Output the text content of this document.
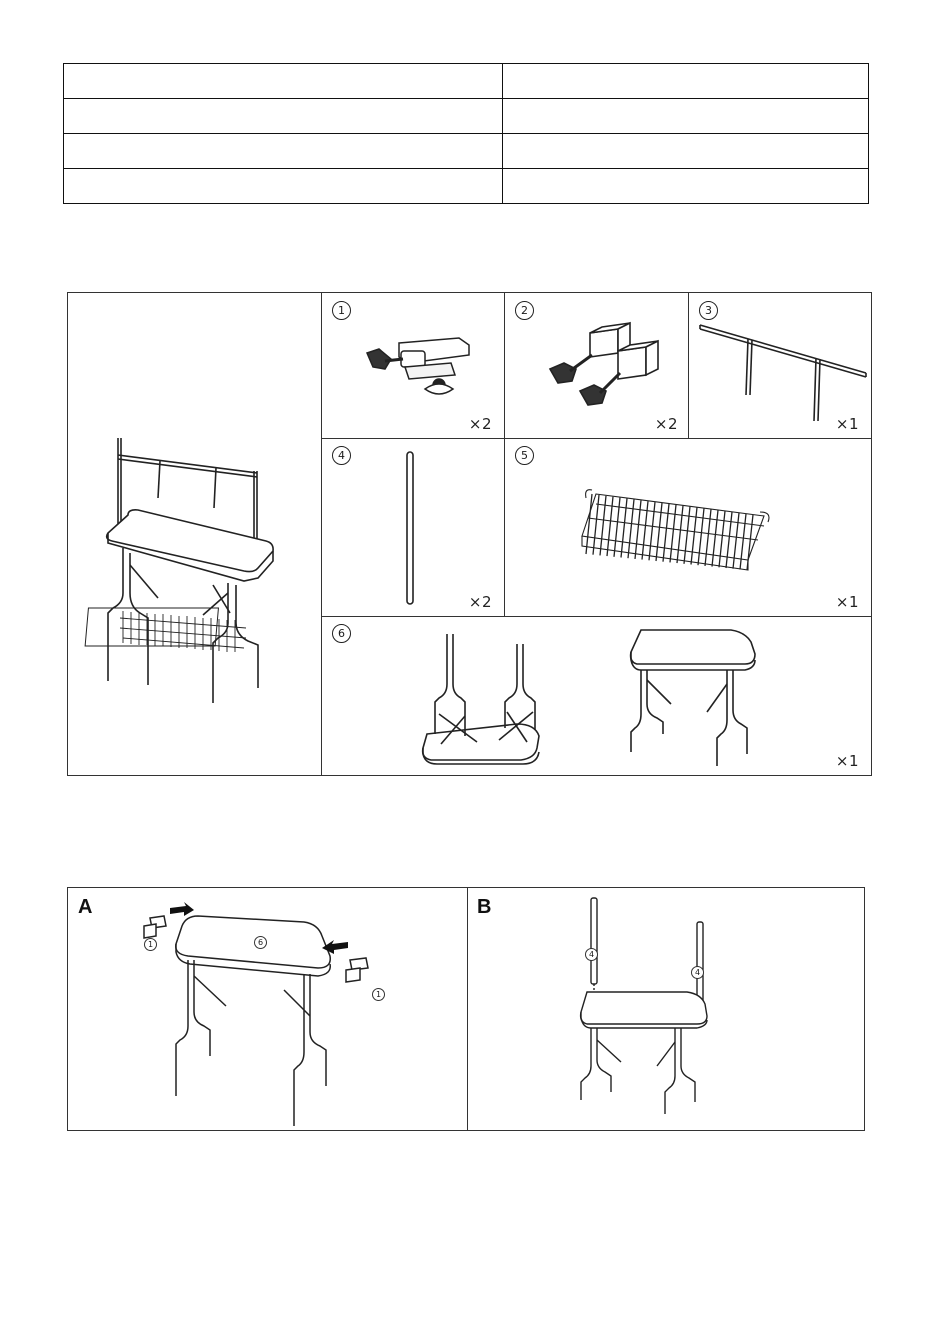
1
×2
2
×2
3
×1
4
×2
5
×1
6
×1
A
1	6
1
B
4
4
